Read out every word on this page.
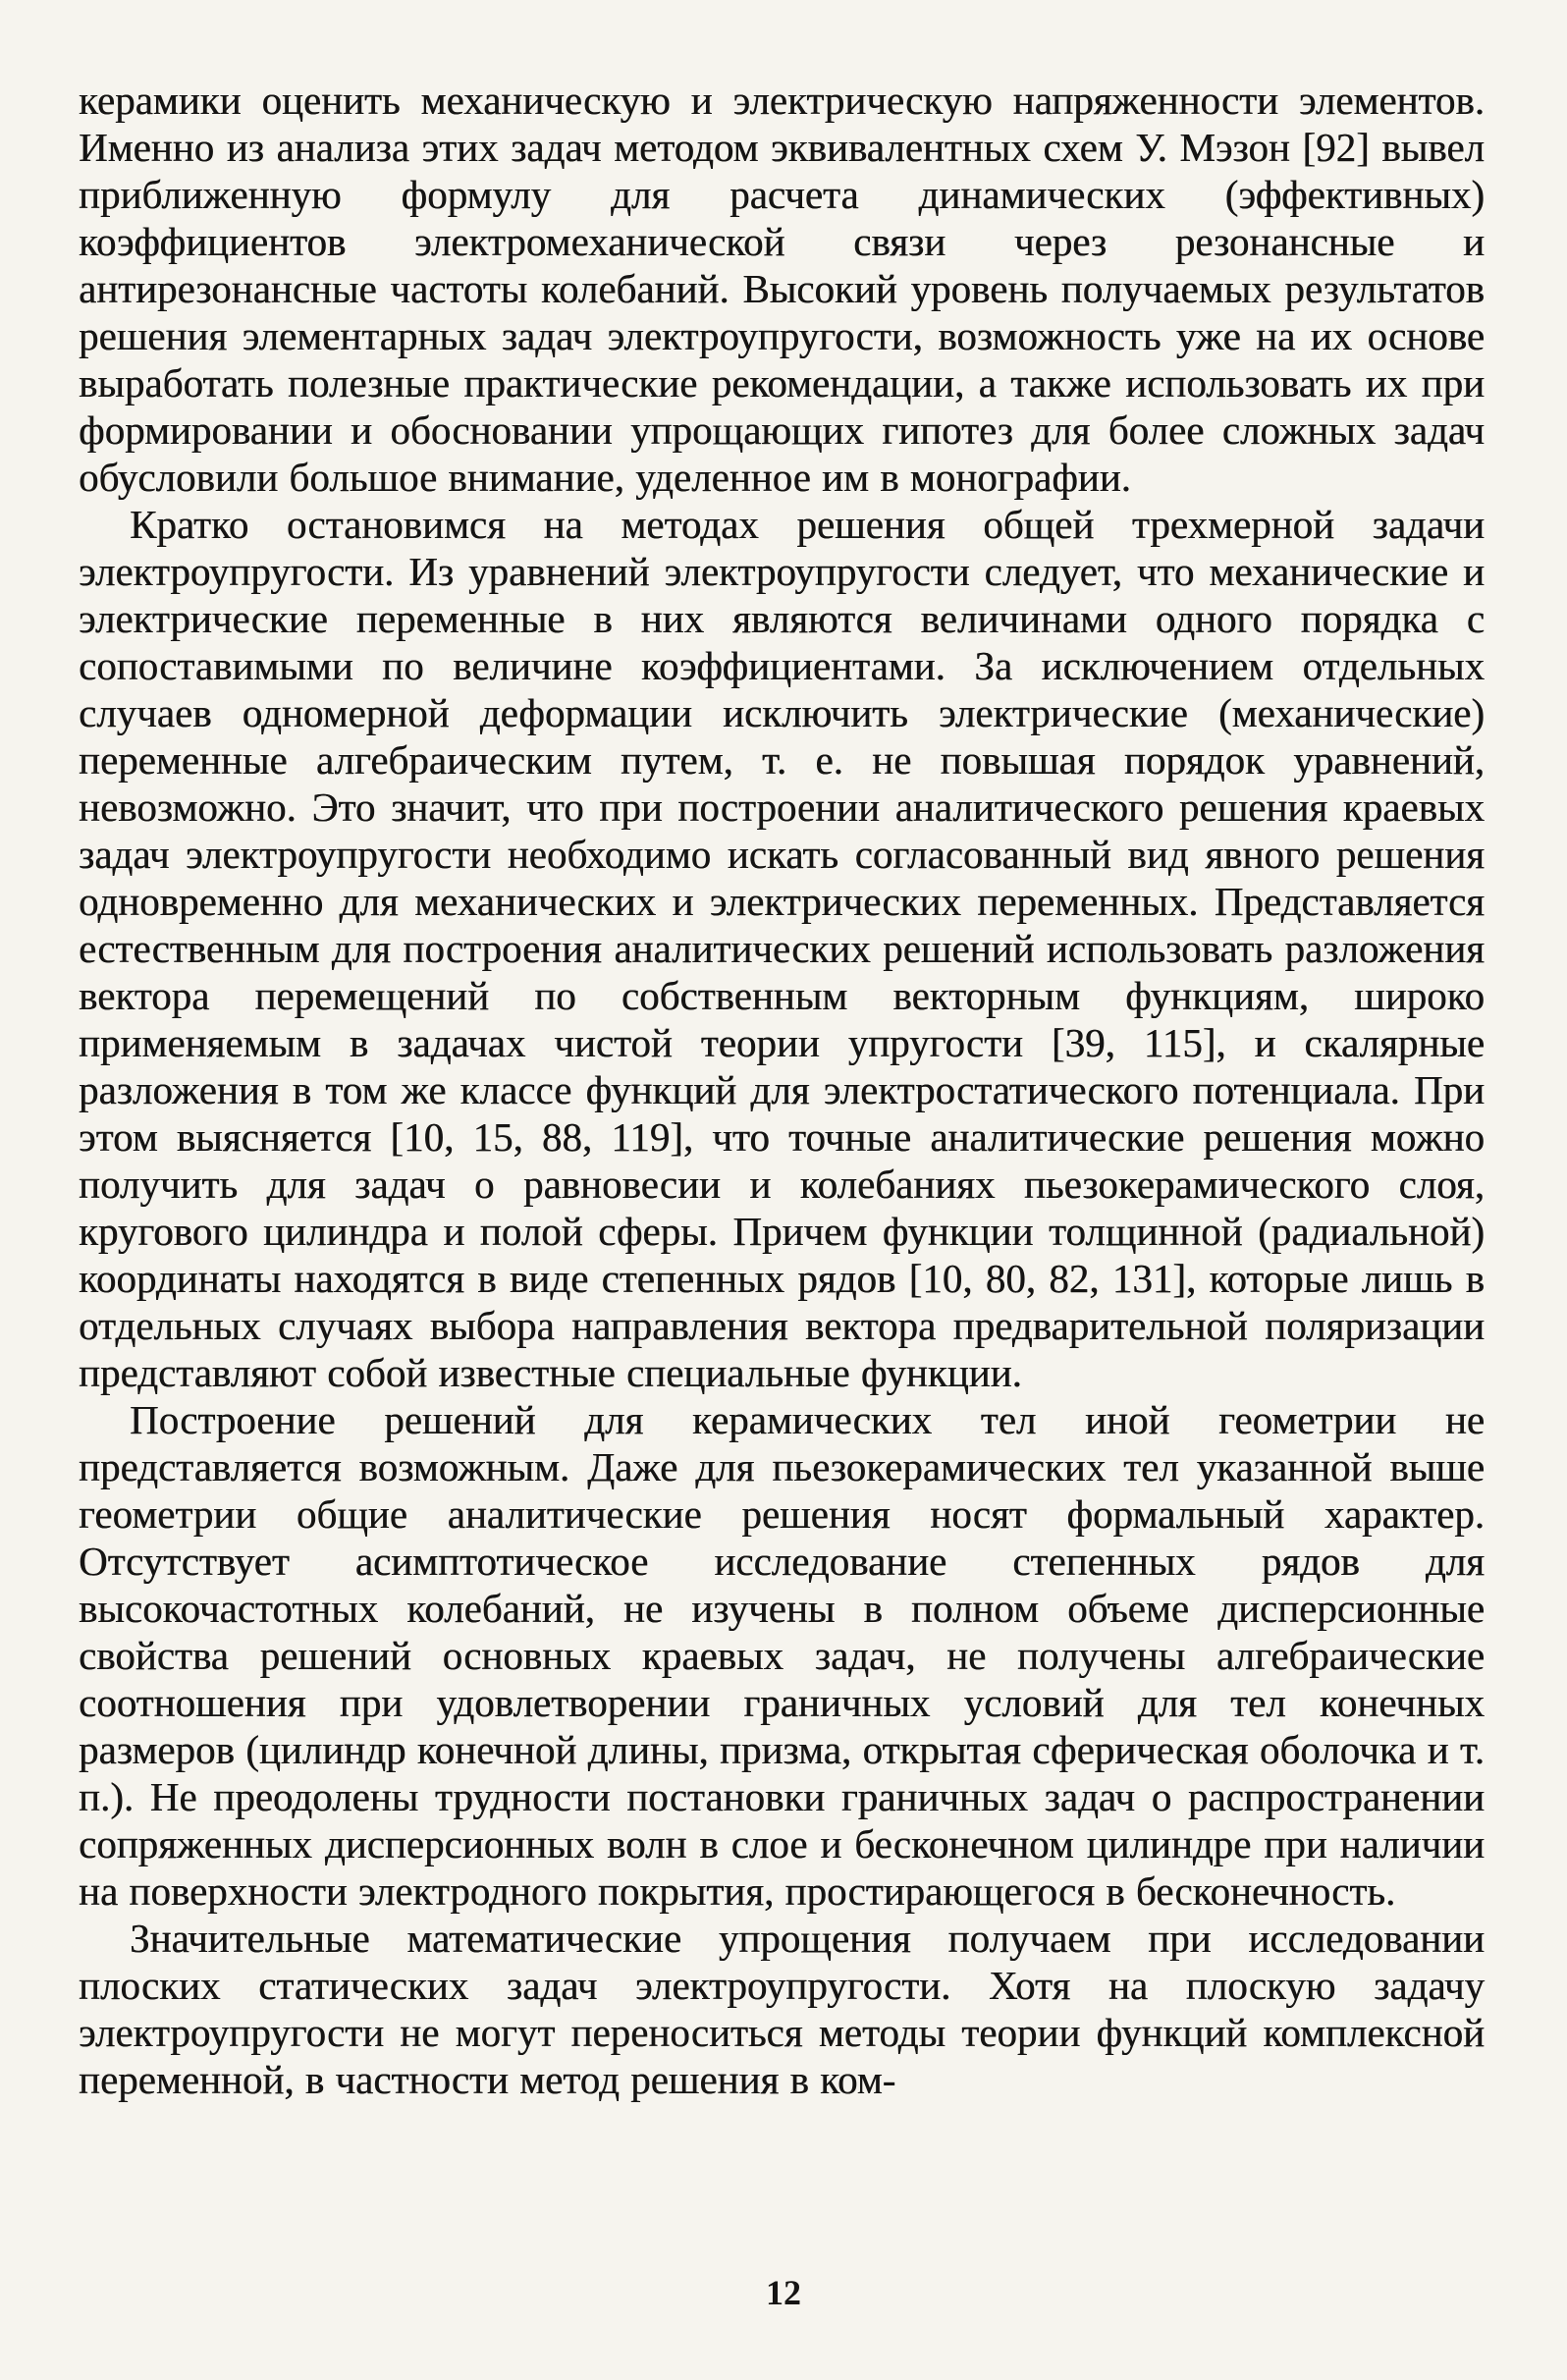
керамики оценить механическую и электрическую напряженности элементов. Именно из анализа этих задач методом эквивалентных схем У. Мэзон [92] вывел приближенную формулу для расчета динамических (эффективных) коэффициентов электромеханической связи через резонансные и антирезонансные частоты колебаний. Высокий уровень получаемых результатов решения элементарных задач электроупругости, возможность уже на их основе выработать полезные практические рекомендации, а также использовать их при формировании и обосновании упрощающих гипотез для более сложных задач обусловили большое внимание, уделенное им в монографии.

Кратко остановимся на методах решения общей трехмерной задачи электроупругости. Из уравнений электроупругости следует, что механические и электрические переменные в них являются величинами одного порядка с сопоставимыми по величине коэффициентами. За исключением отдельных случаев одномерной деформации исключить электрические (механические) переменные алгебраическим путем, т. е. не повышая порядок уравнений, невозможно. Это значит, что при построении аналитического решения краевых задач электроупругости необходимо искать согласованный вид явного решения одновременно для механических и электрических переменных. Представляется естественным для построения аналитических решений использовать разложения вектора перемещений по собственным векторным функциям, широко применяемым в задачах чистой теории упругости [39, 115], и скалярные разложения в том же классе функций для электростатического потенциала. При этом выясняется [10, 15, 88, 119], что точные аналитические решения можно получить для задач о равновесии и колебаниях пьезокерамического слоя, кругового цилиндра и полой сферы. Причем функции толщинной (радиальной) координаты находятся в виде степенных рядов [10, 80, 82, 131], которые лишь в отдельных случаях выбора направления вектора предварительной поляризации представляют собой известные специальные функции.

Построение решений для керамических тел иной геометрии не представляется возможным. Даже для пьезокерамических тел указанной выше геометрии общие аналитические решения носят формальный характер. Отсутствует асимптотическое исследование степенных рядов для высокочастотных колебаний, не изучены в полном объеме дисперсионные свойства решений основных краевых задач, не получены алгебраические соотношения при удовлетворении граничных условий для тел конечных размеров (цилиндр конечной длины, призма, открытая сферическая оболочка и т. п.). Не преодолены трудности постановки граничных задач о распространении сопряженных дисперсионных волн в слое и бесконечном цилиндре при наличии на поверхности электродного покрытия, простирающегося в бесконечность.

Значительные математические упрощения получаем при исследовании плоских статических задач электроупругости. Хотя на плоскую задачу электроупругости не могут переноситься методы теории функций комплексной переменной, в частности метод решения в ком-

12
